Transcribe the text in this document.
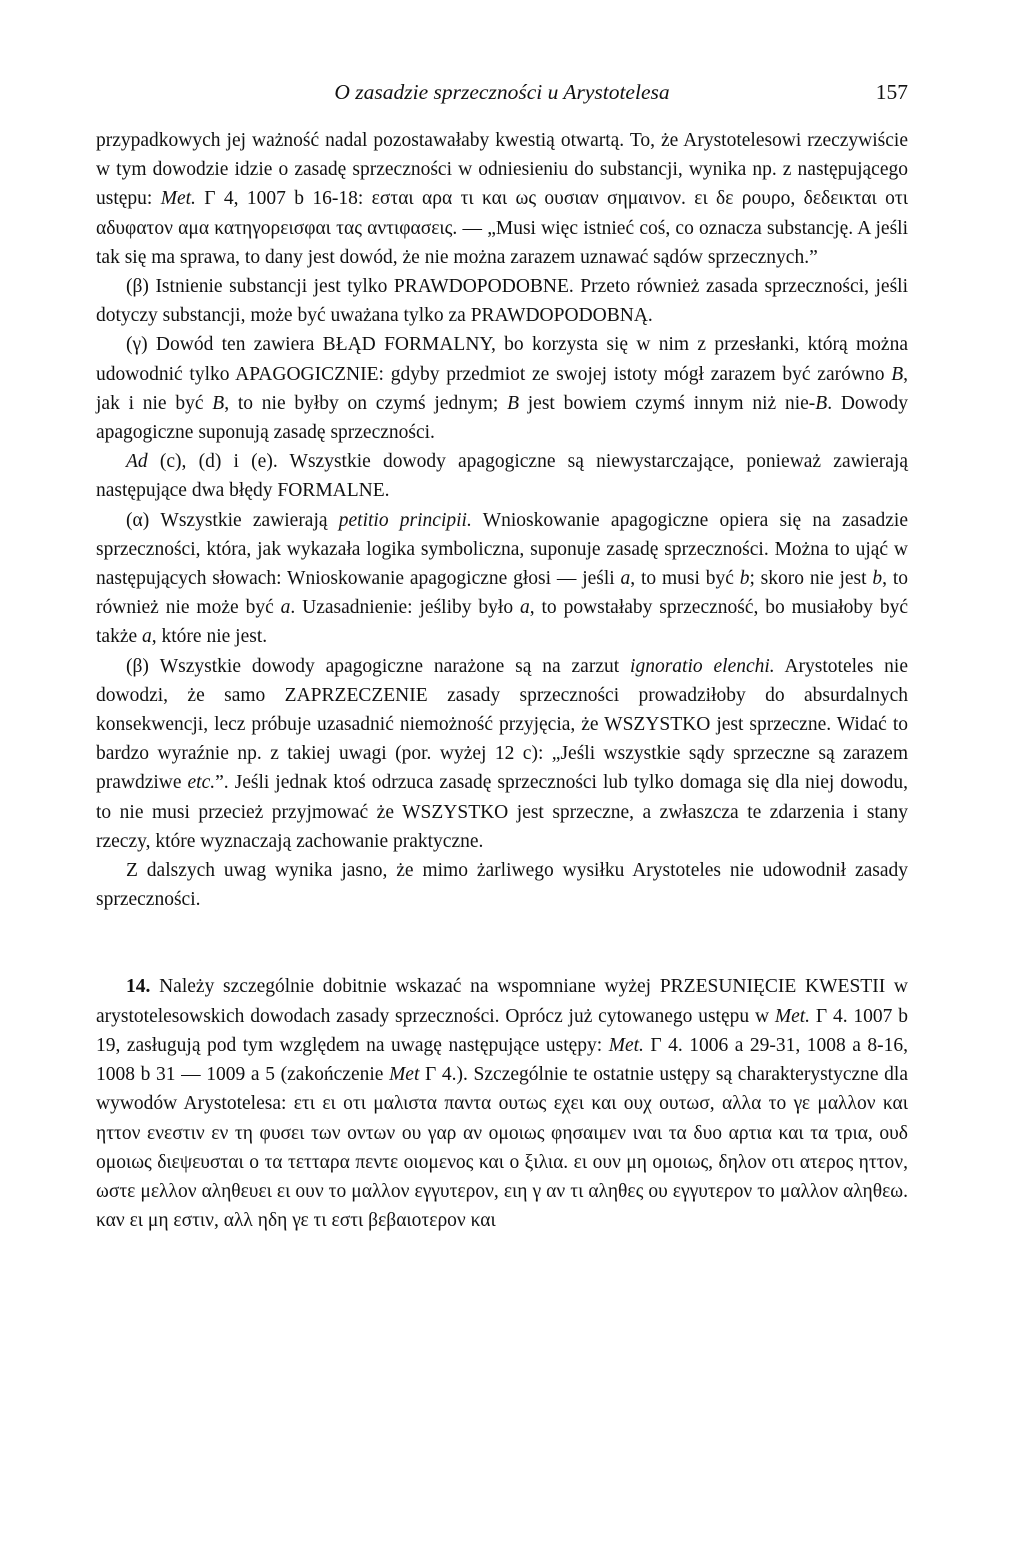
O zasadzie sprzeczności u Arystotelesa	157

przypadkowych jej ważność nadal pozostawałaby kwestią otwartą. To, że Arystotelesowi rzeczywiście w tym dowodzie idzie o zasadę sprzeczności w odniesieniu do substancji, wynika np. z następującego ustępu: Met. Γ 4, 1007 b 16-18: εσται αρα τι και ως ουσιαν σημαινον. ει δε ρουρο, δεδεικται οτι αδυφατον αμα κατηγορεισφαι τας αντιφασεις. — „Musi więc istnieć coś, co oznacza substancję. A jeśli tak się ma sprawa, to dany jest dowód, że nie można zarazem uznawać sądów sprzecznych.”

(β) Istnienie substancji jest tylko PRAWDOPODOBNE. Przeto również zasada sprzeczności, jeśli dotyczy substancji, może być uważana tylko za PRAWDOPODOBNĄ.

(γ) Dowód ten zawiera BŁĄD FORMALNY, bo korzysta się w nim z przesłanki, którą można udowodnić tylko APAGOGICZNIE: gdyby przedmiot ze swojej istoty mógł zarazem być zarówno B, jak i nie być B, to nie byłby on czymś jednym; B jest bowiem czymś innym niż nie-B. Dowody apagogiczne suponują zasadę sprzeczności.

Ad (c), (d) i (e). Wszystkie dowody apagogiczne są niewystarczające, ponieważ zawierają następujące dwa błędy FORMALNE.

(α) Wszystkie zawierają petitio principii. Wnioskowanie apagogiczne opiera się na zasadzie sprzeczności, która, jak wykazała logika symboliczna, suponuje zasadę sprzeczności. Można to ująć w następujących słowach: Wnioskowanie apagogiczne głosi — jeśli a, to musi być b; skoro nie jest b, to również nie może być a. Uzasadnienie: jeśliby było a, to powstałaby sprzeczność, bo musiałoby być także a, które nie jest.

(β) Wszystkie dowody apagogiczne narażone są na zarzut ignoratio elenchi. Arystoteles nie dowodzi, że samo ZAPRZECZENIE zasady sprzeczności prowadziłoby do absurdalnych konsekwencji, lecz próbuje uzasadnić niemożność przyjęcia, że WSZYSTKO jest sprzeczne. Widać to bardzo wyraźnie np. z takiej uwagi (por. wyżej 12 c): „Jeśli wszystkie sądy sprzeczne są zarazem prawdziwe etc.”. Jeśli jednak ktoś odrzuca zasadę sprzeczności lub tylko domaga się dla niej dowodu, to nie musi przecież przyjmować że WSZYSTKO jest sprzeczne, a zwłaszcza te zdarzenia i stany rzeczy, które wyznaczają zachowanie praktyczne.

Z dalszych uwag wynika jasno, że mimo żarliwego wysiłku Arystoteles nie udowodnił zasady sprzeczności.

14. Należy szczególnie dobitnie wskazać na wspomniane wyżej PRZESUNIĘCIE KWESTII w arystotelesowskich dowodach zasady sprzeczności. Oprócz już cytowanego ustępu w Met. Γ 4. 1007 b 19, zasługują pod tym względem na uwagę następujące ustępy: Met. Γ 4. 1006 a 29-31, 1008 a 8-16, 1008 b 31 — 1009 a 5 (zakończenie Met Γ 4.). Szczególnie te ostatnie ustępy są charakterystyczne dla wywodów Arystotelesa: ετι ει οτι μαλιστα παντα ουτως εχει και ουχ ουτωσ, αλλα το γε μαλλον και ηττον ενεστιν εν τη φυσει των οντων ου γαρ αν ομοιως φησαιμεν ιναι τα δυο αρτια και τα τρια, ουδ ομοιως διεψευσται ο τα τετταρα πεντε οιομενος και ο ξιλια. ει ουν μη ομοιως, δηλον οτι ατερος ηττον, ωστε μελλον αληθευει ει ουν το μαλλον εγγυτερον, ειη γ αν τι αληθες ου εγγυτερον το μαλλον αληθεω. καν ει μη εστιν, αλλ ηδη γε τι εστι βεβαιοτερον και
